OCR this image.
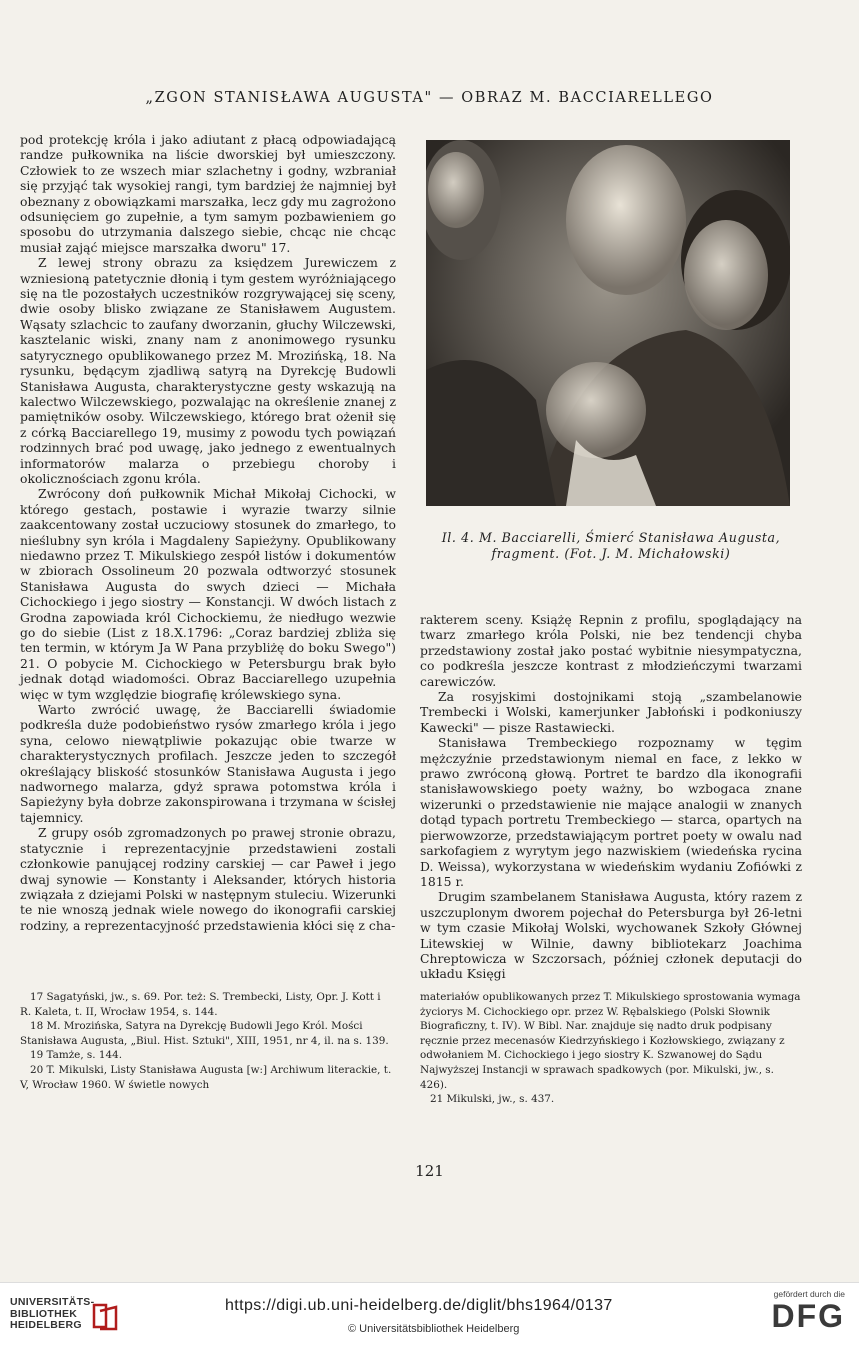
„ZGON STANISŁAWA AUGUSTA" — OBRAZ M. BACCIARELLEGO

pod protekcję króla i jako adiutant z płacą odpowiadającą randze pułkownika na liście dworskiej był umieszczony. Człowiek to ze wszech miar szlachetny i godny, wzbraniał się przyjąć tak wysokiej rangi, tym bardziej że najmniej był obeznany z obowiązkami marszałka, lecz gdy mu zagrożono odsunięciem go zupełnie, a tym samym pozbawieniem go sposobu do utrzymania dalszego siebie, chcąc nie chcąc musiał zająć miejsce marszałka dworu" 17.

Z lewej strony obrazu za księdzem Jurewiczem z wzniesioną patetycznie dłonią i tym gestem wyróżniającego się na tle pozostałych uczestników rozgrywającej się sceny, dwie osoby blisko związane ze Stanisławem Augustem. Wąsaty szlachcic to zaufany dworzanin, głuchy Wilczewski, kasztelanic wiski, znany nam z anonimowego rysunku satyrycznego opublikowanego przez M. Mrozińską, 18. Na rysunku, będącym zjadliwą satyrą na Dyrekcję Budowli Stanisława Augusta, charakterystyczne gesty wskazują na kalectwo Wilczewskiego, pozwalając na określenie znanej z pamiętników osoby. Wilczewskiego, którego brat ożenił się z córką Bacciarellego 19, musimy z powodu tych powiązań rodzinnych brać pod uwagę, jako jednego z ewentualnych informatorów malarza o przebiegu choroby i okolicznościach zgonu króla.

Zwrócony doń pułkownik Michał Mikołaj Cichocki, w którego gestach, postawie i wyrazie twarzy silnie zaakcentowany został uczuciowy stosunek do zmarłego, to nieślubny syn króla i Magdaleny Sapieżyny. Opublikowany niedawno przez T. Mikulskiego zespół listów i dokumentów w zbiorach Ossolineum 20 pozwala odtworzyć stosunek Stanisława Augusta do swych dzieci — Michała Cichockiego i jego siostry — Konstancji. W dwóch listach z Grodna zapowiada król Cichockiemu, że niedługo wezwie go do siebie (List z 18.X.1796: „Coraz bardziej zbliża się ten termin, w którym Ja W Pana przybliżę do boku Swego") 21. O pobycie M. Cichockiego w Petersburgu brak było jednak dotąd wiadomości. Obraz Bacciarellego uzupełnia więc w tym względzie biografię królewskiego syna.

Warto zwrócić uwagę, że Bacciarelli świadomie podkreśla duże podobieństwo rysów zmarłego króla i jego syna, celowo niewątpliwie pokazując obie twarze w charakterystycznych profilach. Jeszcze jeden to szczegół określający bliskość stosunków Stanisława Augusta i jego nadwornego malarza, gdyż sprawa potomstwa króla i Sapieżyny była dobrze zakonspirowana i trzymana w ścisłej tajemnicy.

Z grupy osób zgromadzonych po prawej stronie obrazu, statycznie i reprezentacyjnie przedstawieni zostali członkowie panującej rodziny carskiej — car Paweł i jego dwaj synowie — Konstanty i Aleksander, których historia związała z dziejami Polski w następnym stuleciu. Wizerunki te nie wnoszą jednak wiele nowego do ikonografii carskiej rodziny, a reprezentacyjność przedstawienia kłóci się z cha-

Il. 4. M. Bacciarelli, Śmierć Stanisława Augusta,
fragment. (Fot. J. M. Michałowski)

rakterem sceny. Książę Repnin z profilu, spoglądający na twarz zmarłego króla Polski, nie bez tendencji chyba przedstawiony został jako postać wybitnie niesympatyczna, co podkreśla jeszcze kontrast z młodzieńczymi twarzami carewiczów.

Za rosyjskimi dostojnikami stoją „szambelanowie Trembecki i Wolski, kamerjunker Jabłoński i podkoniuszy Kawecki" — pisze Rastawiecki.

Stanisława Trembeckiego rozpoznamy w tęgim mężczyźnie przedstawionym niemal en face, z lekko w prawo zwróconą głową. Portret te bardzo dla ikonografii stanisławowskiego poety ważny, bo wzbogaca znane wizerunki o przedstawienie nie mające analogii w znanych dotąd typach portretu Trembeckiego — starca, opartych na pierwowzorze, przedstawiającym portret poety w owalu nad sarkofagiem z wyrytym jego nazwiskiem (wiedeńska rycina D. Weissa), wykorzystana w wiedeńskim wydaniu Zofiówki z 1815 r.

Drugim szambelanem Stanisława Augusta, który razem z uszczuplonym dworem pojechał do Petersburga był 26-letni w tym czasie Mikołaj Wolski, wychowanek Szkoły Głównej Litewskiej w Wilnie, dawny bibliotekarz Joachima Chreptowicza w Szczorsach, później członek deputacji do układu Księgi

17 Sagatyński, jw., s. 69. Por. też: S. Trembecki, Listy, Opr. J. Kott i R. Kaleta, t. II, Wrocław 1954, s. 144.

18 M. Mrozińska, Satyra na Dyrekcję Budowli Jego Król. Mości Stanisława Augusta, „Biul. Hist. Sztuki", XIII, 1951, nr 4, il. na s. 139.

19 Tamże, s. 144.

20 T. Mikulski, Listy Stanisława Augusta [w:] Archiwum literackie, t. V, Wrocław 1960. W świetle nowych

materiałów opublikowanych przez T. Mikulskiego sprostowania wymaga życiorys M. Cichockiego opr. przez W. Rębalskiego (Polski Słownik Biograficzny, t. IV). W Bibl. Nar. znajduje się nadto druk podpisany ręcznie przez mecenasów Kiedrzyńskiego i Kozłowskiego, związany z odwołaniem M. Cichockiego i jego siostry K. Szwanowej do Sądu Najwyższej Instancji w sprawach spadkowych (por. Mikulski, jw., s. 426).

21 Mikulski, jw., s. 437.

121
UNIVERSITÄTS-
BIBLIOTHEK
HEIDELBERG
https://digi.ub.uni-heidelberg.de/diglit/bhs1964/0137
© Universitätsbibliothek Heidelberg
gefördert durch die
DFG
